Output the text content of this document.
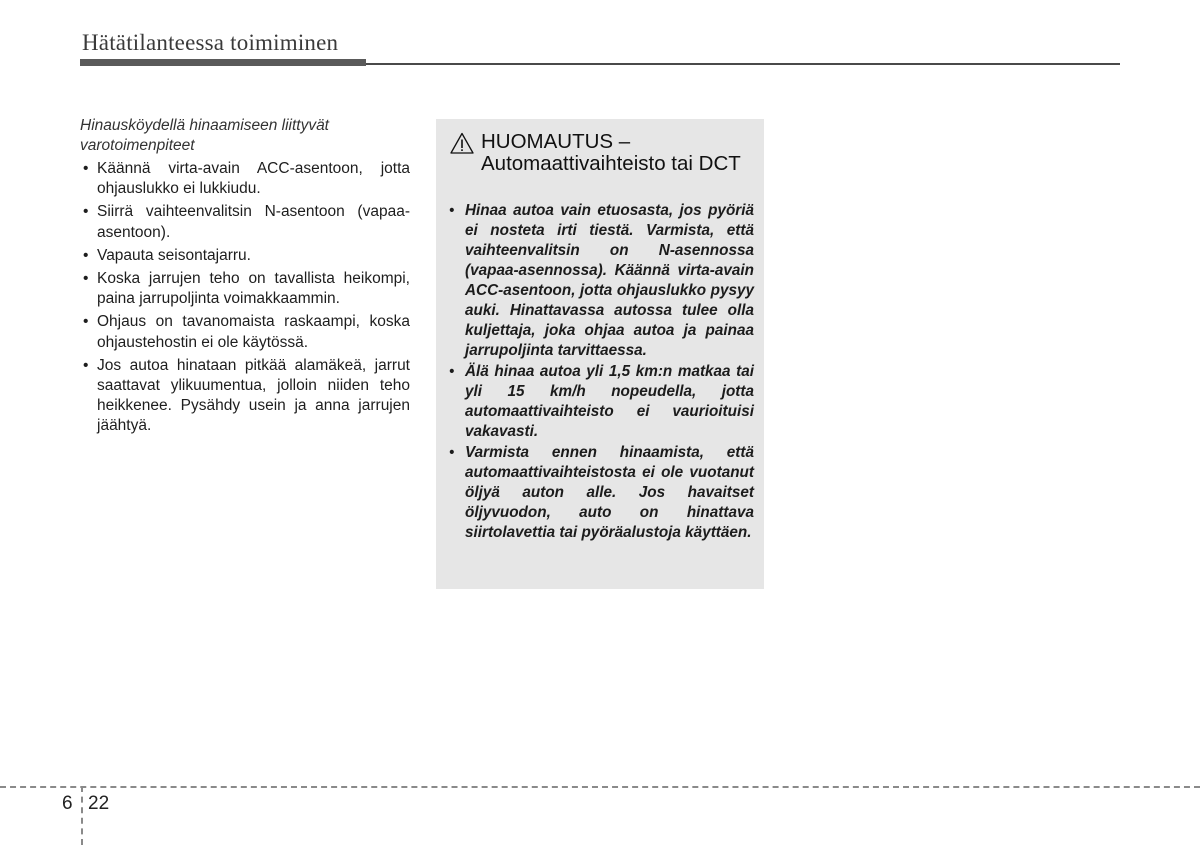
Hätätilanteessa toimiminen

Hinausköydellä hinaamiseen liittyvät varotoimenpiteet

• Käännä virta-avain ACC-asentoon, jotta ohjauslukko ei lukkiudu.
• Siirrä vaihteenvalitsin N-asentoon (vapaa-asentoon).
• Vapauta seisontajarru.
• Koska jarrujen teho on tavallista heikompi, paina jarrupoljinta voimakkaammin.
• Ohjaus on tavanomaista raskaampi, koska ohjaustehostin ei ole käytössä.
• Jos autoa hinataan pitkää alamäkeä, jarrut saattavat ylikuumentua, jolloin niiden teho heikkenee. Pysähdy usein ja anna jarrujen jäähtyä.
HUOMAUTUS – Automaattivaihteisto tai DCT
• Hinaa autoa vain etuosasta, jos pyöriä ei nosteta irti tiestä. Varmista, että vaihteenvalitsin on N-asennossa (vapaa-asennossa). Käännä virta-avain ACC-asentoon, jotta ohjauslukko pysyy auki. Hinattavassa autossa tulee olla kuljettaja, joka ohjaa autoa ja painaa jarrupoljinta tarvittaessa.
• Älä hinaa autoa yli 1,5 km:n matkaa tai yli 15 km/h nopeudella, jotta automaattivaihteisto ei vaurioituisi vakavasti.
• Varmista ennen hinaamista, että automaattivaihteistosta ei ole vuotanut öljyä auton alle. Jos havaitset öljyvuodon, auto on hinattava siirtolavettia tai pyöräalustoja käyttäen.
6 22
